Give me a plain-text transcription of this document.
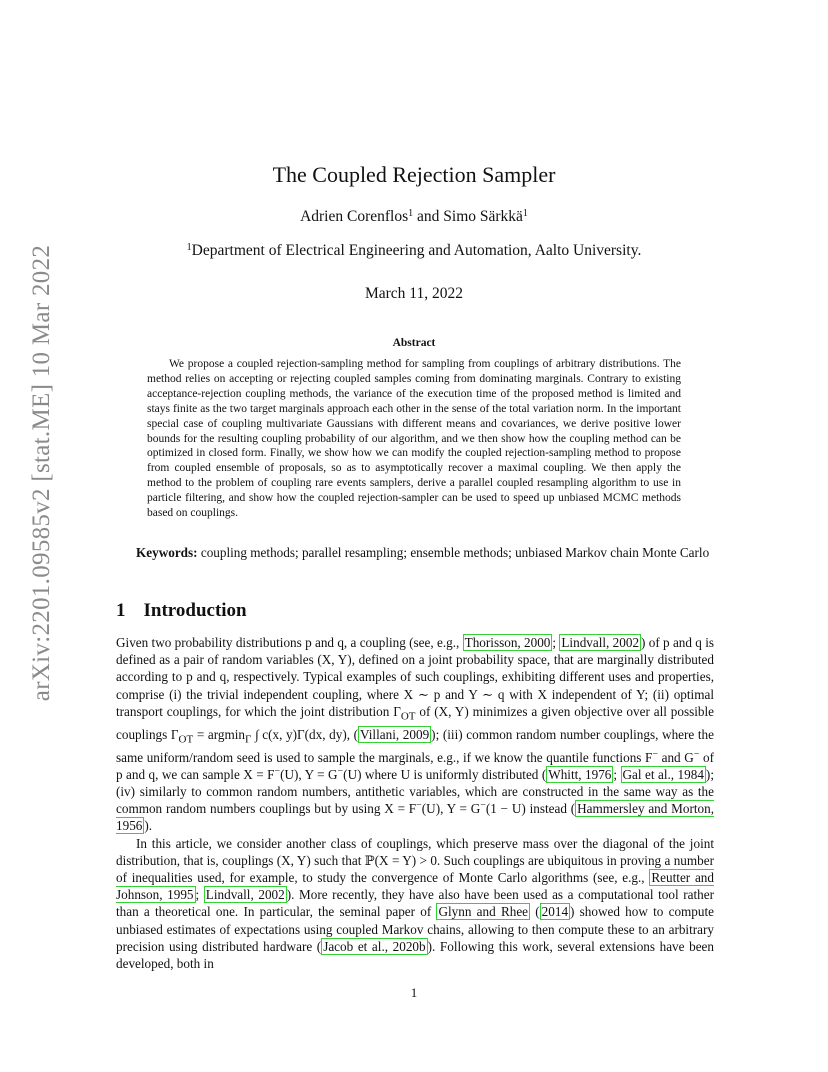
arXiv:2201.09585v2 [stat.ME] 10 Mar 2022
The Coupled Rejection Sampler
Adrien Corenflos$^1$ and Simo Särkkä$^1$
$^1$Department of Electrical Engineering and Automation, Aalto University.
March 11, 2022
Abstract

We propose a coupled rejection-sampling method for sampling from couplings of arbitrary distributions. The method relies on accepting or rejecting coupled samples coming from dominating marginals. Contrary to existing acceptance-rejection coupling methods, the variance of the execution time of the proposed method is limited and stays finite as the two target marginals approach each other in the sense of the total variation norm. In the important special case of coupling multivariate Gaussians with different means and covariances, we derive positive lower bounds for the resulting coupling probability of our algorithm, and we then show how the coupling method can be optimized in closed form. Finally, we show how we can modify the coupled rejection-sampling method to propose from coupled ensemble of proposals, so as to asymptotically recover a maximal coupling. We then apply the method to the problem of coupling rare events samplers, derive a parallel coupled resampling algorithm to use in particle filtering, and show how the coupled rejection-sampler can be used to speed up unbiased MCMC methods based on couplings.

Keywords: coupling methods; parallel resampling; ensemble methods; unbiased Markov chain Monte Carlo

1 Introduction
Given two probability distributions p and q, a coupling (see, e.g., Thorisson, 2000 ; Lindvall, 2002 ) of p and q is defined as a pair of random variables (X, Y), defined on a joint probability space, that are marginally distributed according to p and q, respectively. Typical examples of such couplings, exhibiting different uses and properties, comprise (i) the trivial independent coupling, where X ∼ p and Y ∼ q with X independent of Y; (ii) optimal transport couplings, for which the joint distribution $\Gamma_{OT}$ of (X, Y) minimizes a given objective over all possible couplings $\Gamma_{OT} = argmin_\Gamma$ ∫ c(x, y)Γ(dx, dy), ( Villani, 2009 ); (iii) common random number couplings, where the same uniform/random seed is used to sample the marginals, e.g., if we know the quantile functions F− and G− of p and q, we can sample X = F−(U), Y = G−(U) where U is uniformly distributed ( Whitt, 1976 ; Gal et al., 1984 ); (iv) similarly to common random numbers, antithetic variables, which are constructed in the same way as the common random numbers couplings but by using X = F−(U), Y = G−(1 − U) instead ( Hammersley and Morton, 1956 ).
In this article, we consider another class of couplings, which preserve mass over the diagonal of the joint distribution, that is, couplings (X, Y) such that ℙ(X = Y) > 0. Such couplings are ubiquitous in proving a number of inequalities used, for example, to study the convergence of Monte Carlo algorithms (see, e.g., Reutter and Johnson, 1995 ; Lindvall, 2002 ). More recently, they have also have been used as a computational tool rather than a theoretical one. In particular, the seminal paper of Glynn and Rhee ( 2014 ) showed how to compute unbiased estimates of expectations using coupled Markov chains, allowing to then compute these to an arbitrary precision using distributed hardware ( Jacob et al., 2020b ). Following this work, several extensions have been developed, both in
1
